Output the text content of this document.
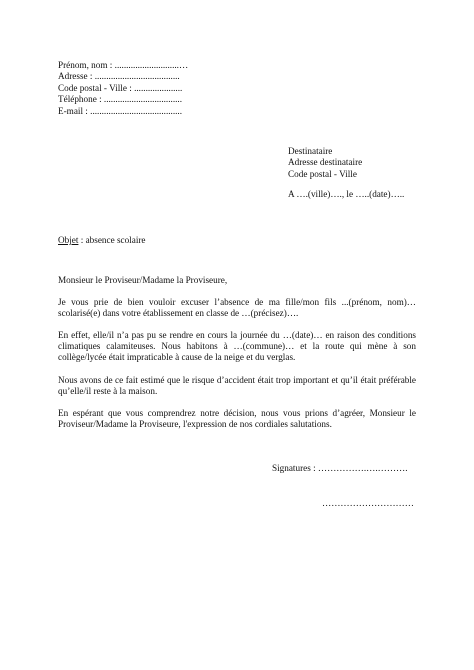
Prénom, nom : ............................…
Adresse : .....................................
Code postal - Ville : .....................
Téléphone : ..................................
E-mail : ........................................
Destinataire
Adresse destinataire
Code postal - Ville
A ….(ville)…., le …..(date)…..
Objet : absence scolaire
Monsieur le Proviseur/Madame la Proviseure,
Je vous prie de bien vouloir excuser l’absence de ma fille/mon fils ...(prénom, nom)… scolarisé(e) dans votre établissement en classe de …(précisez)….
En effet, elle/il n’a pas pu se rendre en cours la journée du …(date)… en raison des conditions climatiques calamiteuses. Nous habitons à …(commune)… et la route qui mène à son collège/lycée était impraticable à cause de la neige et du verglas.
Nous avons de ce fait estimé que le risque d’accident était trop important et qu’il était préférable qu’elle/il reste à la maison.
En espérant que vous comprendrez notre décision, nous vous prions d’agréer, Monsieur le Proviseur/Madame la Proviseure, l'expression de nos cordiales salutations.
Signatures : …………….….……….
…………………………
